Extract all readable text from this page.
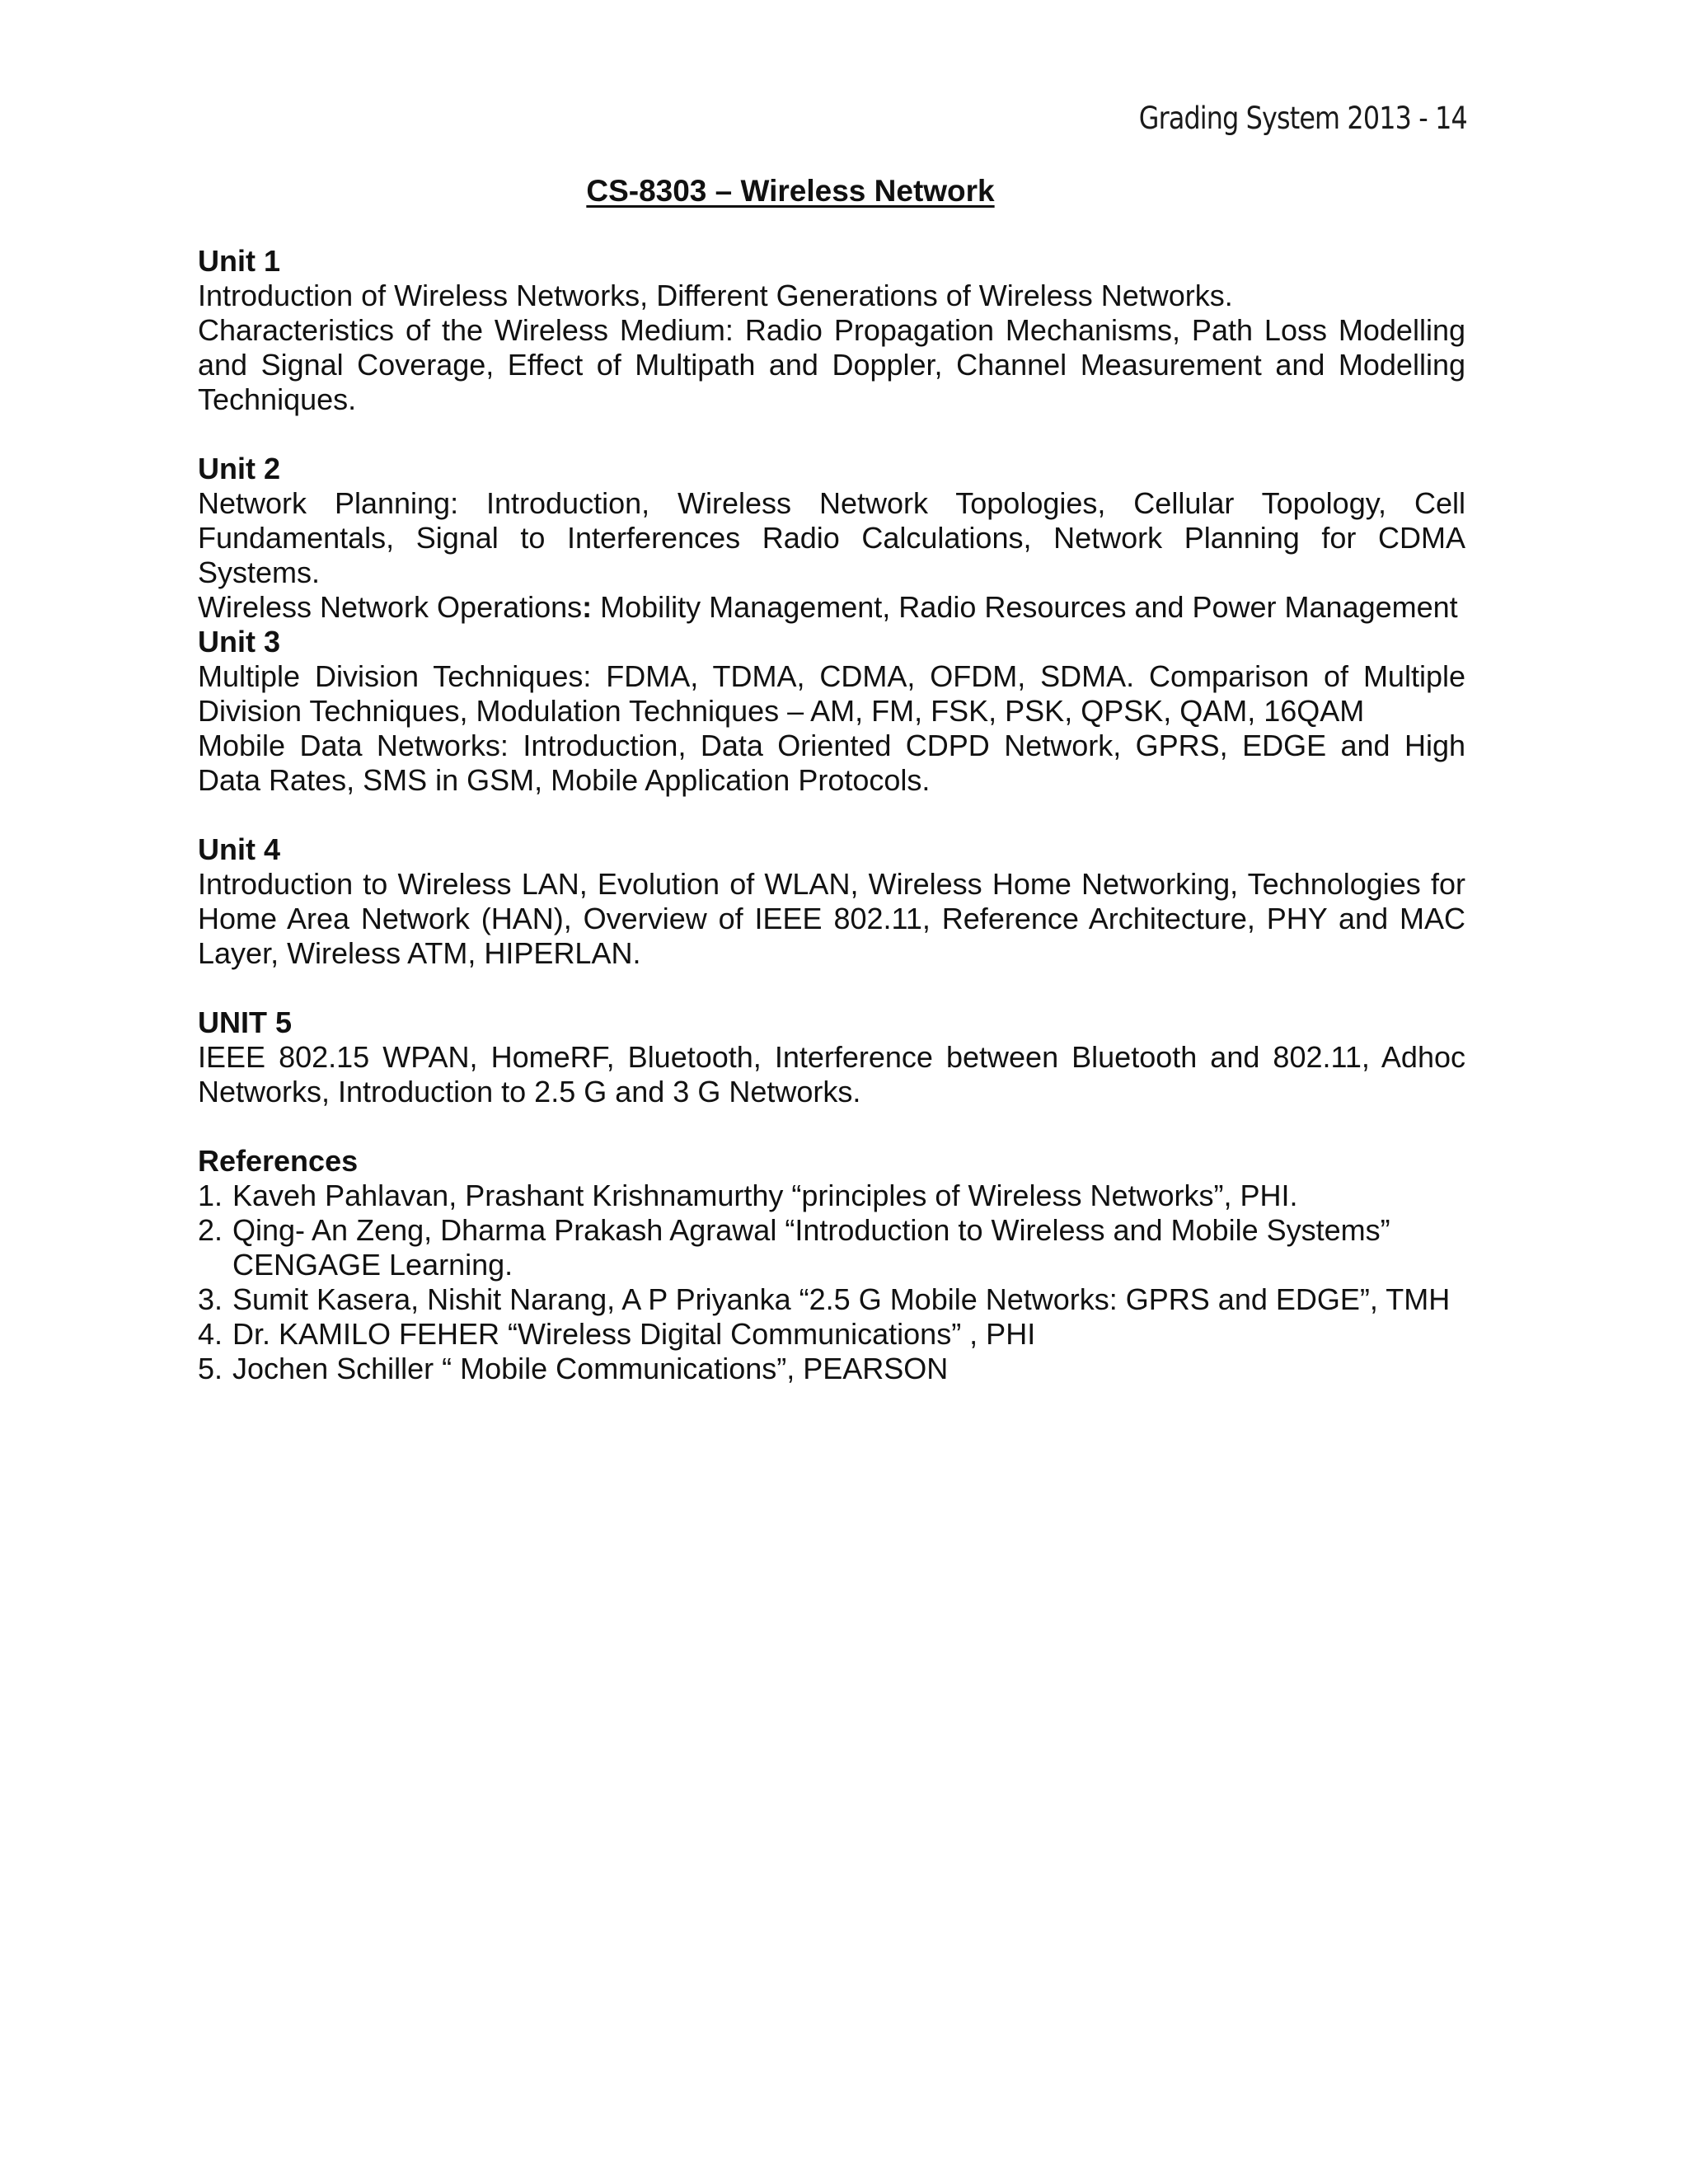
Grading System 2013 - 14
CS-8303 – Wireless Network
Unit 1

Introduction of Wireless Networks, Different Generations of Wireless Networks.

Characteristics of the Wireless Medium: Radio Propagation Mechanisms, Path Loss Modelling and Signal Coverage, Effect of Multipath and Doppler, Channel Measurement and Modelling Techniques.

Unit 2

Network Planning: Introduction, Wireless Network Topologies, Cellular Topology, Cell Fundamentals, Signal to Interferences Radio Calculations, Network Planning for CDMA Systems.

Wireless Network Operations: Mobility Management, Radio Resources and Power Management

Unit 3

Multiple Division Techniques: FDMA, TDMA, CDMA, OFDM, SDMA. Comparison of Multiple Division Techniques, Modulation Techniques – AM, FM, FSK, PSK, QPSK, QAM, 16QAM

Mobile Data Networks: Introduction, Data Oriented CDPD Network, GPRS, EDGE and High Data Rates, SMS in GSM, Mobile Application Protocols.

Unit 4

Introduction to Wireless LAN, Evolution of WLAN, Wireless Home Networking, Technologies for Home Area Network (HAN), Overview of IEEE 802.11, Reference Architecture, PHY and MAC Layer, Wireless ATM, HIPERLAN.

UNIT 5

IEEE 802.15 WPAN, HomeRF, Bluetooth, Interference between Bluetooth and 802.11, Adhoc Networks, Introduction to 2.5 G and 3 G Networks.

References
1. Kaveh Pahlavan, Prashant Krishnamurthy “principles of Wireless Networks”, PHI.
2. Qing- An Zeng, Dharma Prakash Agrawal “Introduction to Wireless and Mobile Systems” CENGAGE Learning.
3. Sumit Kasera, Nishit Narang, A P Priyanka “2.5 G Mobile Networks: GPRS and EDGE”, TMH
4. Dr. KAMILO FEHER “Wireless Digital Communications” , PHI
5. Jochen Schiller “ Mobile Communications”, PEARSON
